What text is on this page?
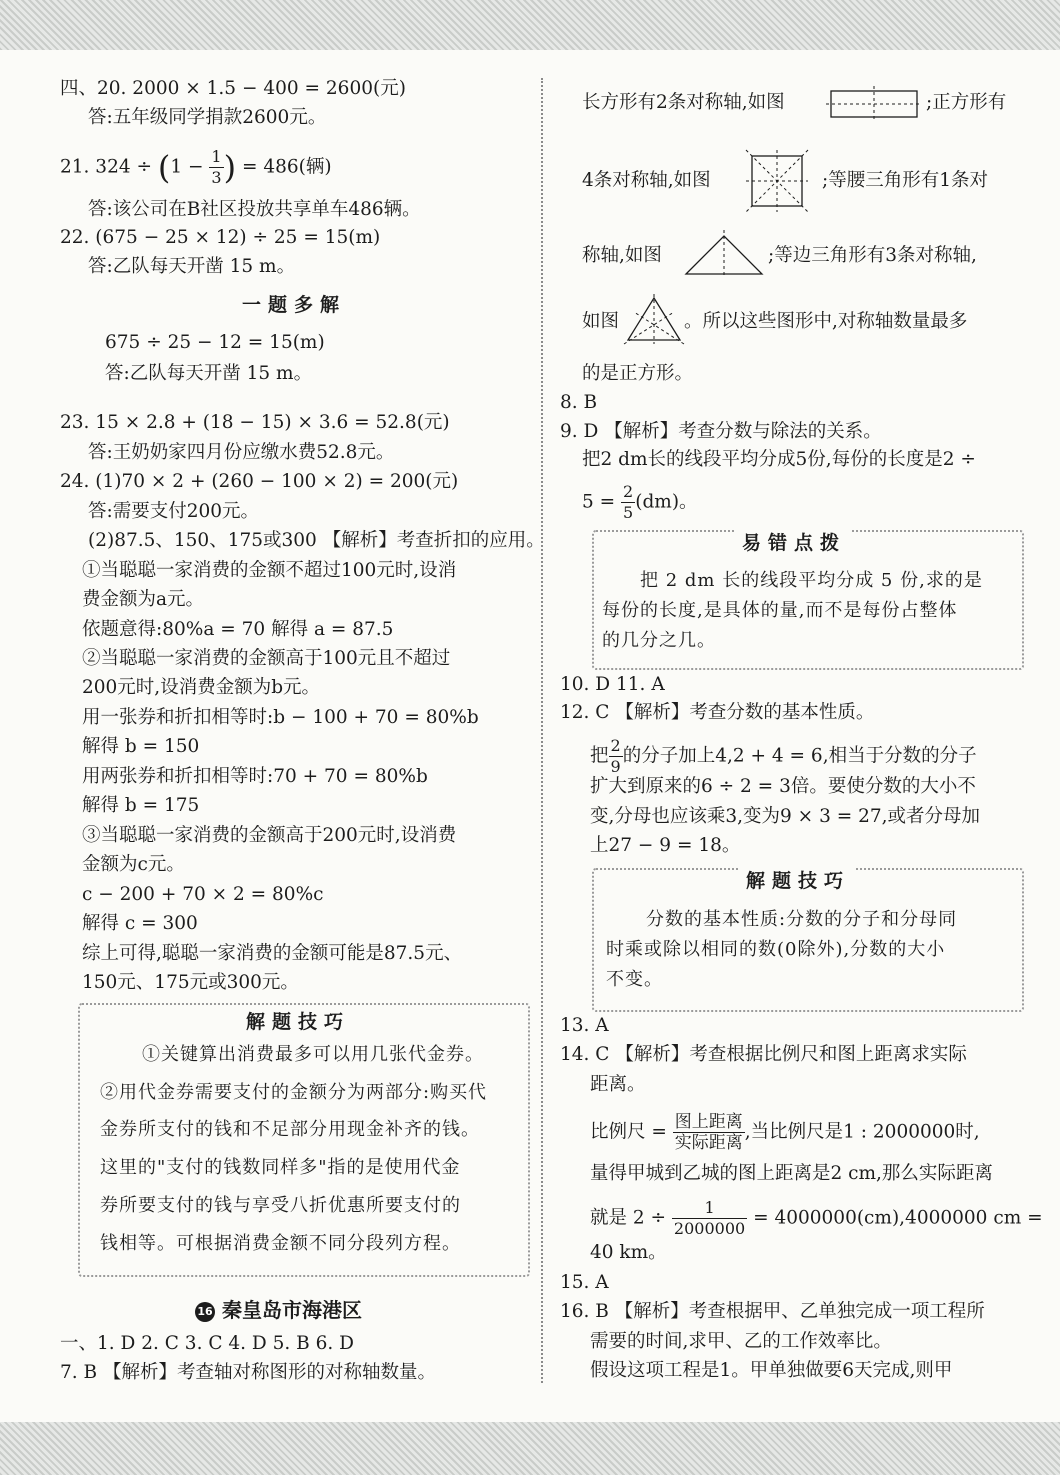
四、20. 2000 × 1.5 − 400 = 2600(元)
答:五年级同学捐款2600元。
21. $324 \div (1 - \frac{1}{3}$ ) = 486(辆)
答:该公司在B社区投放共享单车486辆。
22. (675 − 25 × 12) ÷ 25 = 15(m)
答:乙队每天开凿 15 m。
一题多解
675 ÷ 25 − 12 = 15(m)
答:乙队每天开凿 15 m。
23. 15 × 2.8 + (18 − 15) × 3.6 = 52.8(元)
答:王奶奶家四月份应缴水费52.8元。
24. (1)70 × 2 + (260 − 100 × 2) = 200(元)
答:需要支付200元。
(2)87.5、150、175或300 【解析】考查折扣的应用。
①当聪聪一家消费的金额不超过100元时,设消
费金额为a元。
依题意得:80%a = 70 解得 a = 87.5
②当聪聪一家消费的金额高于100元且不超过
200元时,设消费金额为b元。
用一张券和折扣相等时:b − 100 + 70 = 80%b
解得 b = 150
用两张券和折扣相等时:70 + 70 = 80%b
解得 b = 175
③当聪聪一家消费的金额高于200元时,设消费
金额为c元。
c − 200 + 70 × 2 = 80%c
解得 c = 300
综上可得,聪聪一家消费的金额可能是87.5元、
150元、175元或300元。
解题技巧
①关键算出消费最多可以用几张代金券。
②用代金券需要支付的金额分为两部分:购买代
金券所支付的钱和不足部分用现金补齐的钱。
这里的"支付的钱数同样多"指的是使用代金
券所要支付的钱与享受八折优惠所要支付的
钱相等。可根据消费金额不同分段列方程。
16 秦皇岛市海港区
一、1. D 2. C 3. C 4. D 5. B 6. D
7. B 【解析】考查轴对称图形的对称轴数量。
长方形有2条对称轴,如图	;正方形有
4条对称轴,如图	;等腰三角形有1条对
称轴,如图	;等边三角形有3条对称轴,
如图	。所以这些图形中,对称轴数量最多
的是正方形。
8. B
9. D 【解析】考查分数与除法的关系。
把2 dm长的线段平均分成5份,每份的长度是2 ÷
$5 = \frac{2}{5} (dm)$。
易错点拨
把 2 dm 长的线段平均分成 5 份,求的是
每份的长度,是具体的量,而不是每份占整体
的几分之几。
10. D 11. A
12. C 【解析】考查分数的基本性质。
把 $\frac{2}{9}$ 的分子加上4,2 + 4 = 6,相当于分数的分子
扩大到原来的6 ÷ 2 = 3倍。要使分数的大小不
变,分母也应该乘3,变为9 × 3 = 27,或者分母加
上27 − 9 = 18。
解题技巧
分数的基本性质:分数的分子和分母同
时乘或除以相同的数(0除外),分数的大小
不变。
13. A
14. C 【解析】考查根据比例尺和图上距离求实际
距离。
比例尺 = $\frac{\text{图上距离}}{\text{实际距离}}$ ,当比例尺是1 : 2000000时,
量得甲城到乙城的图上距离是2 cm,那么实际距离
就是 $2 \div \frac{1}{2000000} = 4000000(cm),4000000$ cm =
40 km。
15. A
16. B 【解析】考查根据甲、乙单独完成一项工程所
需要的时间,求甲、乙的工作效率比。
假设这项工程是1。甲单独做要6天完成,则甲
